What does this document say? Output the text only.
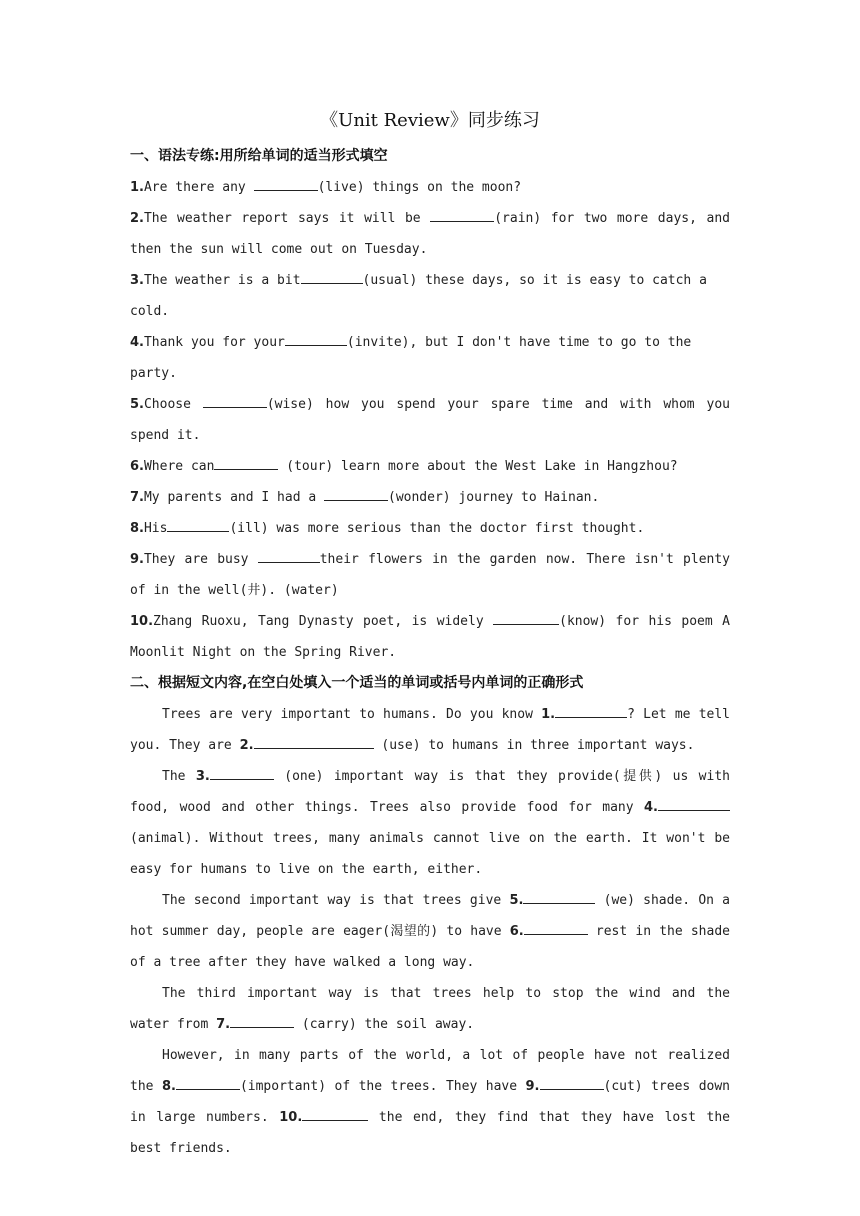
《Unit Review》同步练习
一、语法专练:用所给单词的适当形式填空
1.Are there any	(live) things on the moon?
2.The weather report says it will be	(rain) for two more days, and then the sun will come out on Tuesday.
3.The weather is a bit	(usual) these days, so it is easy to catch a cold.
4.Thank you for your	(invite), but I don't have time to go to the party.
5.Choose	(wise) how you spend your spare time and with whom you spend it.
6.Where can	(tour) learn more about the West Lake in Hangzhou?
7.My parents and I had a	(wonder) journey to Hainan.
8.His	(ill) was more serious than the doctor first thought.
9.They are busy	their flowers in the garden now. There isn't plenty of in the well(井). (water)
10.Zhang Ruoxu, Tang Dynasty poet, is widely	(know) for his poem A Moonlit Night on the Spring River.
二、根据短文内容,在空白处填入一个适当的单词或括号内单词的正确形式
Trees are very important to humans. Do you know 1.	? Let me tell you. They are 2.	(use) to humans in three important ways.
The 3.	(one) important way is that they provide(提供) us with food, wood and other things. Trees also provide food for many 4.(animal). Without trees, many animals cannot live on the earth. It won't be easy for humans to live on the earth, either.
The second important way is that trees give 5.	(we) shade. On a hot summer day, people are eager(渴望的) to have 6.	rest in the shade of a tree after they have walked a long way.
The third important way is that trees help to stop the wind and the water from 7.	(carry) the soil away.
However, in many parts of the world, a lot of people have not realized the 8.	(important) of the trees. They have 9.	(cut) trees down in large numbers. 10.	the end, they find that they have lost the best friends.
